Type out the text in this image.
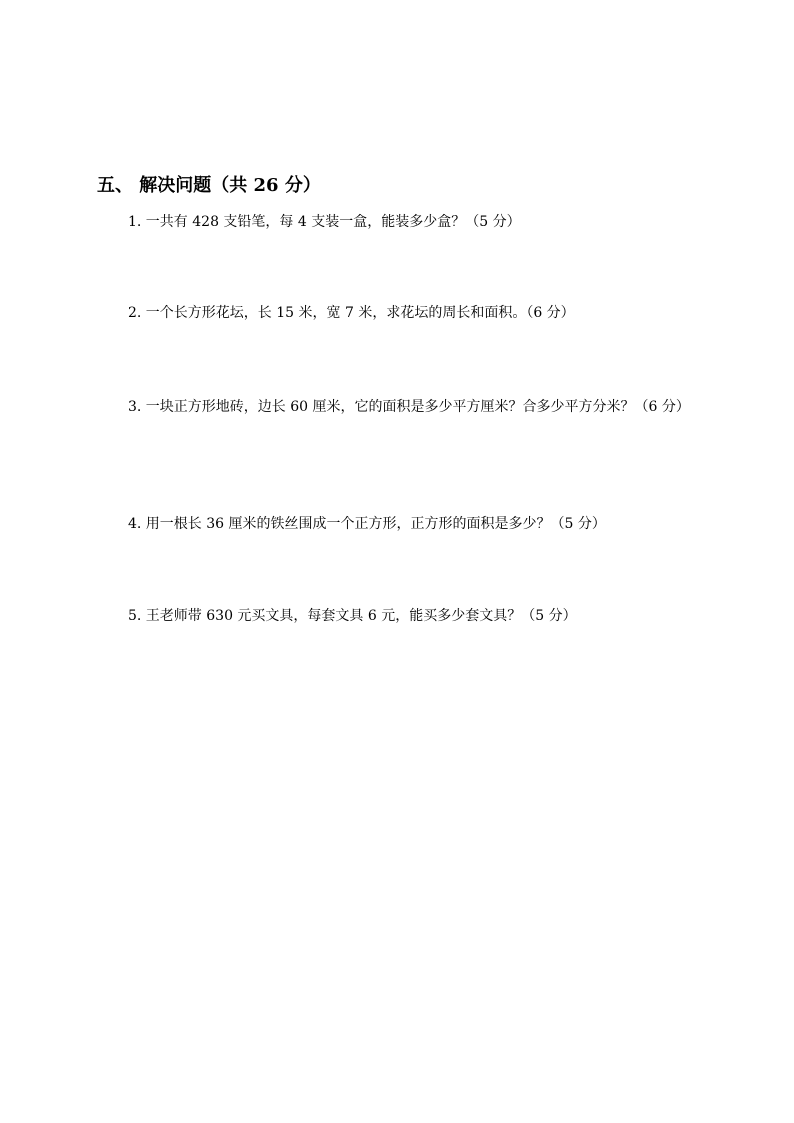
五、 解决问题（共 26 分）
1. 一共有 428 支铅笔，每 4 支装一盒，能装多少盒？（5 分）
2. 一个长方形花坛，长 15 米，宽 7 米，求花坛的周长和面积。（6 分）
3. 一块正方形地砖，边长 60 厘米，它的面积是多少平方厘米？合多少平方分米？（6 分）
4. 用一根长 36 厘米的铁丝围成一个正方形，正方形的面积是多少？（5 分）
5. 王老师带 630 元买文具，每套文具 6 元，能买多少套文具？（5 分）
